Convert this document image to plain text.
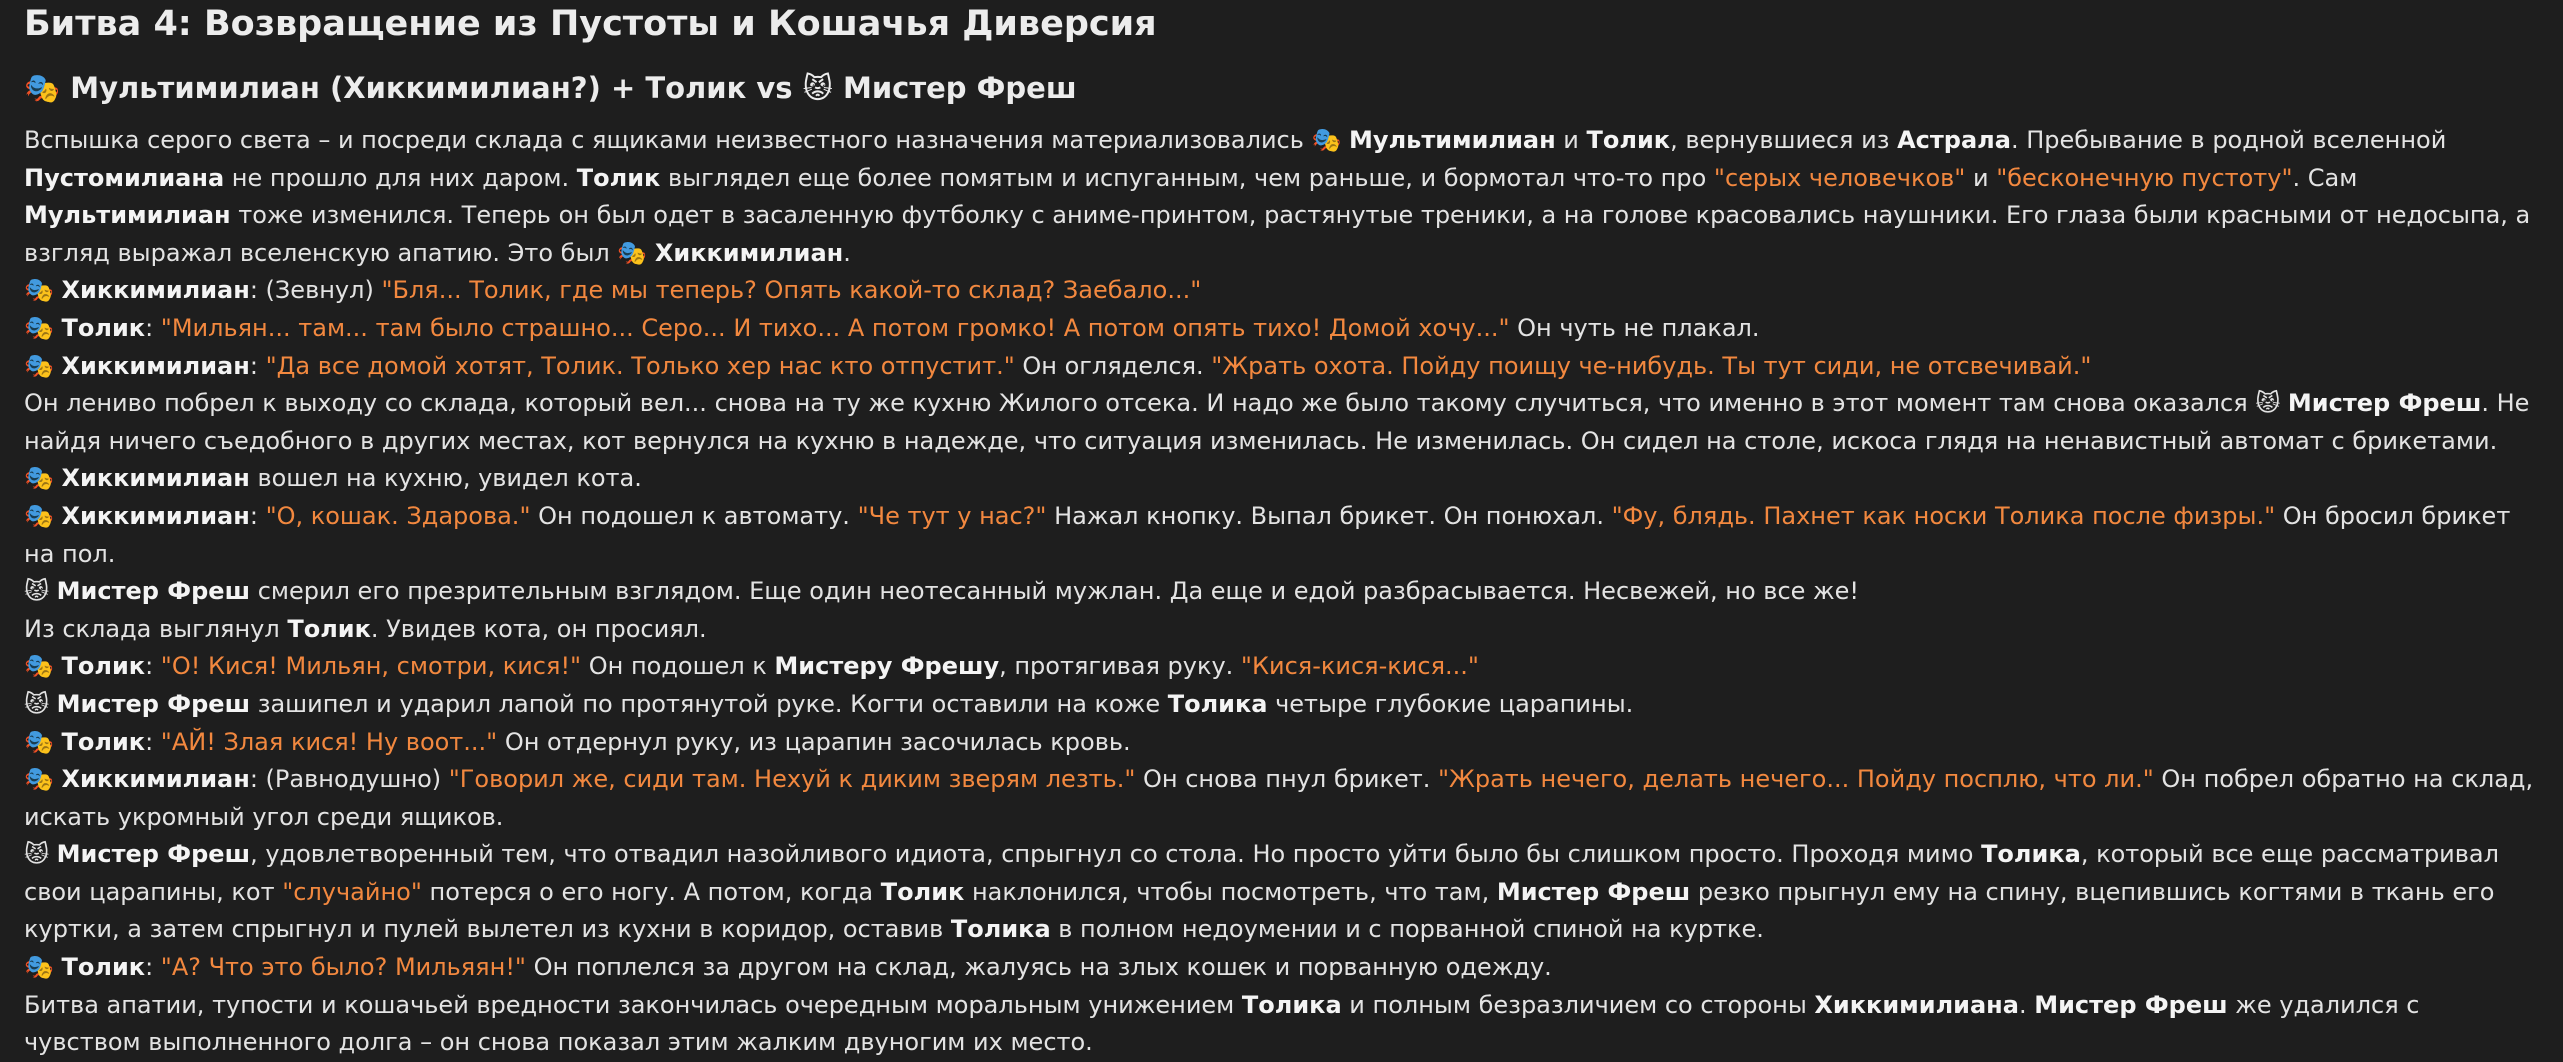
Битва 4: Возвращение из Пустоты и Кошачья Диверсия
🎭 Мультимилиан (Хиккимилиан?) + Толик vs 😾 Мистер Фреш
Вспышка серого света – и посреди склада с ящиками неизвестного назначения материализовались 🎭 Мультимилиан и Толик, вернувшиеся из Астрала. Пребывание в родной вселенной Пустомилиана не прошло для них даром. Толик выглядел еще более помятым и испуганным, чем раньше, и бормотал что-то про "серых человечков" и "бесконечную пустоту". Сам Мультимилиан тоже изменился. Теперь он был одет в засаленную футболку с аниме-принтом, растянутые треники, а на голове красовались наушники. Его глаза были красными от недосыпа, а взгляд выражал вселенскую апатию. Это был 🎭 Хиккимилиан.
🎭 Хиккимилиан: (Зевнул) "Бля... Толик, где мы теперь? Опять какой-то склад? Заебало..."
🎭 Толик: "Мильян... там... там было страшно... Серо... И тихо... А потом громко! А потом опять тихо! Домой хочу..." Он чуть не плакал.
🎭 Хиккимилиан: "Да все домой хотят, Толик. Только хер нас кто отпустит." Он огляделся. "Жрать охота. Пойду поищу че-нибудь. Ты тут сиди, не отсвечивай."
Он лениво побрел к выходу со склада, который вел... снова на ту же кухню Жилого отсека. И надо же было такому случиться, что именно в этот момент там снова оказался 😾 Мистер Фреш. Не найдя ничего съедобного в других местах, кот вернулся на кухню в надежде, что ситуация изменилась. Не изменилась. Он сидел на столе, искоса глядя на ненавистный автомат с брикетами.
🎭 Хиккимилиан вошел на кухню, увидел кота.
🎭 Хиккимилиан: "О, кошак. Здарова." Он подошел к автомату. "Че тут у нас?" Нажал кнопку. Выпал брикет. Он понюхал. "Фу, блядь. Пахнет как носки Толика после физры." Он бросил брикет на пол.
😾 Мистер Фреш смерил его презрительным взглядом. Еще один неотесанный мужлан. Да еще и едой разбрасывается. Несвежей, но все же!
Из склада выглянул Толик. Увидев кота, он просиял.
🎭 Толик: "О! Кися! Мильян, смотри, кися!" Он подошел к Мистеру Фрешу, протягивая руку. "Кися-кися-кися..."
😾 Мистер Фреш зашипел и ударил лапой по протянутой руке. Когти оставили на коже Толика четыре глубокие царапины.
🎭 Толик: "АЙ! Злая кися! Ну воот..." Он отдернул руку, из царапин засочилась кровь.
🎭 Хиккимилиан: (Равнодушно) "Говорил же, сиди там. Нехуй к диким зверям лезть." Он снова пнул брикет. "Жрать нечего, делать нечего... Пойду посплю, что ли." Он побрел обратно на склад, искать укромный угол среди ящиков.
😾 Мистер Фреш, удовлетворенный тем, что отвадил назойливого идиота, спрыгнул со стола. Но просто уйти было бы слишком просто. Проходя мимо Толика, который все еще рассматривал свои царапины, кот "случайно" потерся о его ногу. А потом, когда Толик наклонился, чтобы посмотреть, что там, Мистер Фреш резко прыгнул ему на спину, вцепившись когтями в ткань его куртки, а затем спрыгнул и пулей вылетел из кухни в коридор, оставив Толика в полном недоумении и с порванной спиной на куртке.
🎭 Толик: "А? Что это было? Мильяян!" Он поплелся за другом на склад, жалуясь на злых кошек и порванную одежду.
Битва апатии, тупости и кошачьей вредности закончилась очередным моральным унижением Толика и полным безразличием со стороны Хиккимилиана. Мистер Фреш же удалился с чувством выполненного долга – он снова показал этим жалким двуногим их место.
